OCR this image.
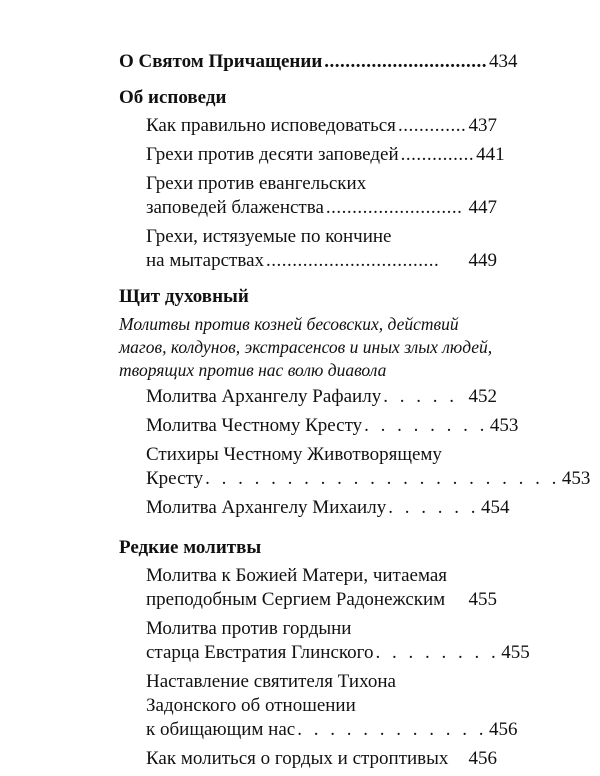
О Святом Причащении ............................... 434
Об исповеди
Как правильно исповедоваться ............. 437
Грехи против десяти заповедей .............. 441
Грехи против евангельских
заповедей блаженства .......................... 447
Грехи, истязуемые по кончине
на мытарствах .................................	449
Щит духовный
Молитвы против козней бесовских, действий магов, колдунов, экстрасенсов и иных злых людей, творящих против нас волю диавола
Молитва Архангелу Рафаилу . . . . . 452
Молитва Честному Кресту . . . . . . . . 453
Стихиры Честному Животворящему
Кресту . . . . . . . . . . . . . . . . . . . . . . 453
Молитва Архангелу Михаилу . . . . . . 454
Редкие молитвы
Молитва к Божией Матери, читаемая
преподобным Сергием Радонежским 455
Молитва против гордыни
старца Евстратия Глинского . . . . . . . . 455
Наставление святителя Тихона
Задонского об отношении
к обищающим нас . . . . . . . . . . . . 456
Как молиться о гордых и строптивых 456
